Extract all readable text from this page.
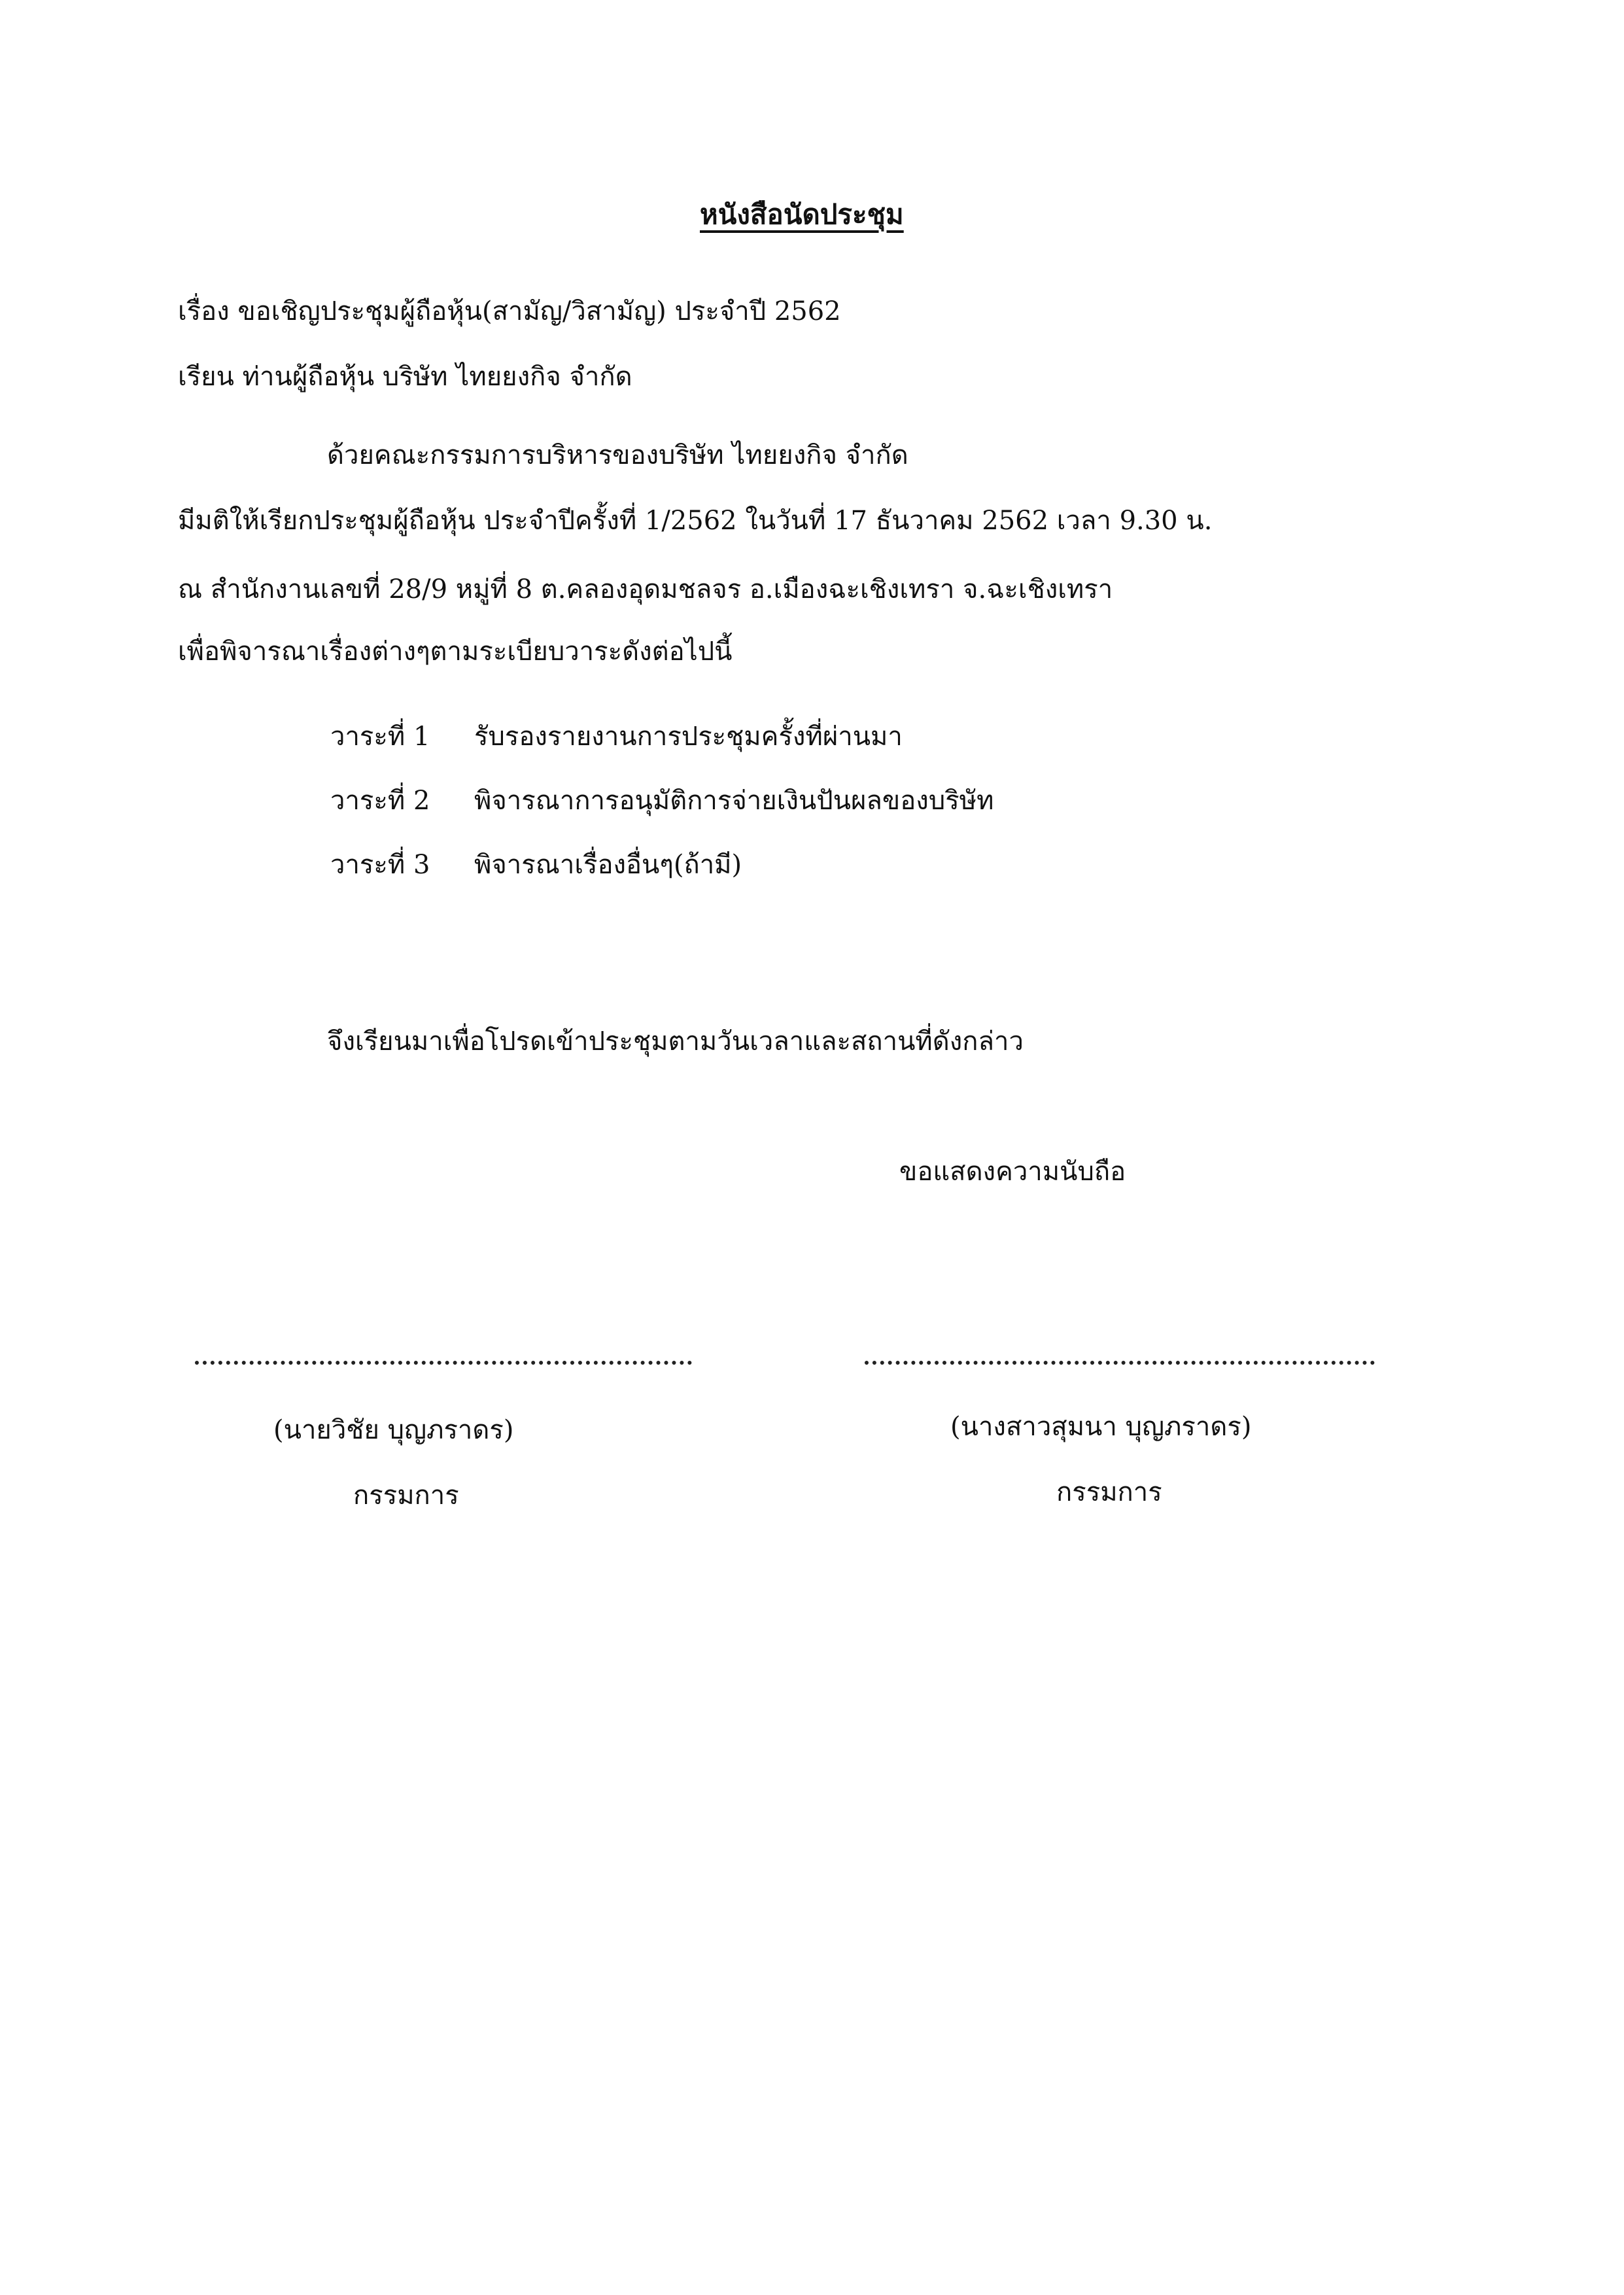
หนังสือนัดประชุม
เรื่อง ขอเชิญประชุมผู้ถือหุ้น(สามัญ/วิสามัญ) ประจำปี 2562
เรียน ท่านผู้ถือหุ้น บริษัท ไทยยงกิจ จำกัด
ด้วยคณะกรรมการบริหารของบริษัท ไทยยงกิจ จำกัด
มีมติให้เรียกประชุมผู้ถือหุ้น ประจำปีครั้งที่ 1/2562 ในวันที่ 17 ธันวาคม 2562 เวลา 9.30 น.
ณ สำนักงานเลขที่ 28/9 หมู่ที่ 8 ต.คลองอุดมชลจร อ.เมืองฉะเชิงเทรา จ.ฉะเชิงเทรา
เพื่อพิจารณาเรื่องต่างๆตามระเบียบวาระดังต่อไปนี้
วาระที่ 1 รับรองรายงานการประชุมครั้งที่ผ่านมา
วาระที่ 2 พิจารณาการอนุมัติการจ่ายเงินปันผลของบริษัท
วาระที่ 3 พิจารณาเรื่องอื่นๆ(ถ้ามี)
จึงเรียนมาเพื่อโปรดเข้าประชุมตามวันเวลาและสถานที่ดังกล่าว
ขอแสดงความนับถือ
(นายวิชัย บุญภราดร)
กรรมการ
(นางสาวสุมนา บุญภราดร)
กรรมการ
